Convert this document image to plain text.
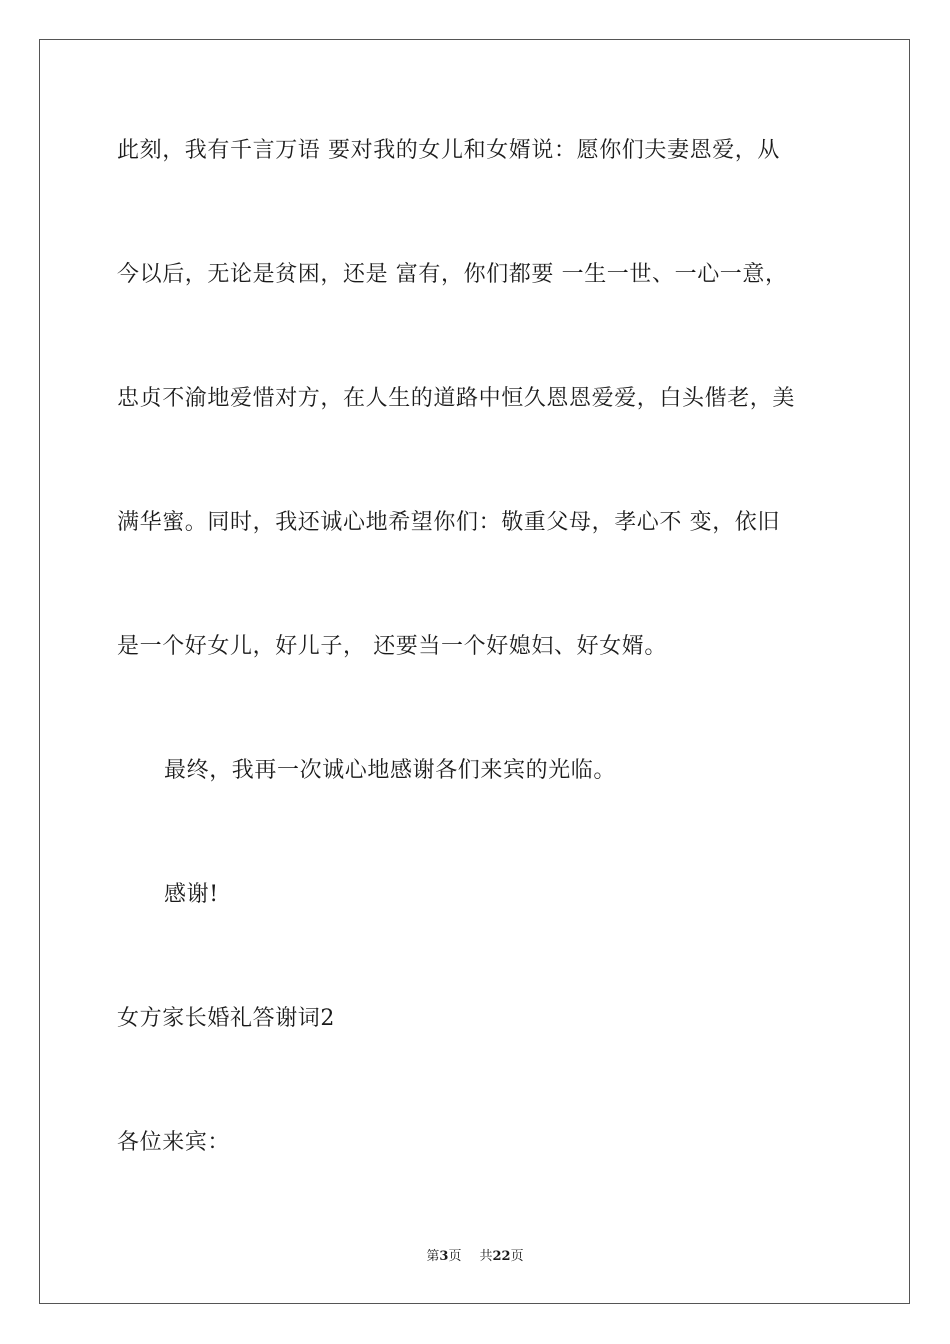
此刻，我有千言万语 要对我的女儿和女婿说：愿你们夫妻恩爱，从
今以后，无论是贫困，还是 富有，你们都要 一生一世、一心一意，
忠贞不渝地爱惜对方，在人生的道路中恒久恩恩爱爱，白头偕老，美
满华蜜。同时，我还诚心地希望你们：敬重父母，孝心不 变，依旧
是一个好女儿，好儿子， 还要当一个好媳妇、好女婿。
最终，我再一次诚心地感谢各们来宾的光临。
感谢!
女方家长婚礼答谢词2
各位来宾：
第3页 共22页
